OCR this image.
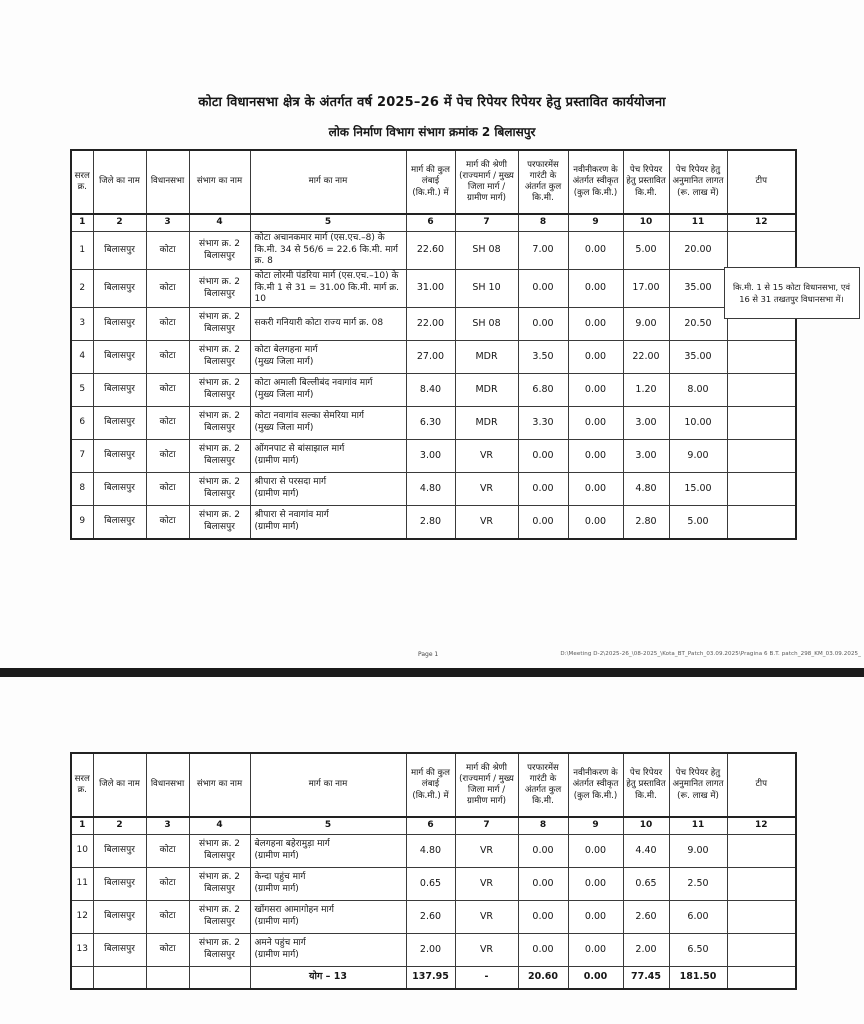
कोटा विधानसभा क्षेत्र के अंतर्गत वर्ष 2025–26 में पेच रिपेयर रिपेयर हेतु प्रस्तावित कार्ययोजना
लोक निर्माण विभाग संभाग क्रमांक 2 बिलासपुर
सरल क्र.	जिले का नाम	विधानसभा	संभाग का नाम	मार्ग का नाम	मार्ग की कुल लंबाई (कि.मी.) में	मार्ग की श्रेणी (राज्यमार्ग / मुख्य जिला मार्ग / ग्रामीण मार्ग)	परफारमेंस गारंटी के अंतर्गत कुल कि.मी.	नवीनीकरण के अंतर्गत स्वीकृत (कुल कि.मी.)	पेच रिपेयर हेतु प्रस्तावित कि.मी.	पेच रिपेयर हेतु अनुमानित लागत (रू. लाख में)	टीप
1	2	3	4	5	6	7	8	9	10	11	12
1	बिलासपुर	कोटा	संभाग क्र. 2 बिलासपुर	कोटा अचानकमार मार्ग (एस.एच.–8) के कि.मी. 34 से 56/6 = 22.6 कि.मी. मार्ग क्र. 8	22.60	SH 08	7.00	0.00	5.00	20.00	
2	बिलासपुर	कोटा	संभाग क्र. 2 बिलासपुर	कोटा लोरमी पंडरिया मार्ग (एस.एच.–10) के कि.मी 1 से 31 = 31.00 कि.मी. मार्ग क्र. 10	31.00	SH 10	0.00	0.00	17.00	35.00	कि.मी. 1 से 15 कोटा विधानसभा, एवं 16 से 31 तखतपुर विधानसभा में।

3	बिलासपुर	कोटा	संभाग क्र. 2 बिलासपुर	सकरी गनियारी कोटा राज्य मार्ग क्र. 08	22.00	SH 08	0.00	0.00	9.00	20.50	
4	बिलासपुर	कोटा	संभाग क्र. 2 बिलासपुर	कोटा बेलगहना मार्ग
(मुख्य जिला मार्ग)	27.00	MDR	3.50	0.00	22.00	35.00	
5	बिलासपुर	कोटा	संभाग क्र. 2 बिलासपुर	कोटा अमाली बिल्लीबंद नवागांव मार्ग
(मुख्य जिला मार्ग)	8.40	MDR	6.80	0.00	1.20	8.00	
6	बिलासपुर	कोटा	संभाग क्र. 2 बिलासपुर	कोटा नवागांव सल्का सेमरिया मार्ग
(मुख्य जिला मार्ग)	6.30	MDR	3.30	0.00	3.00	10.00	
7	बिलासपुर	कोटा	संभाग क्र. 2 बिलासपुर	ओंगनपाट से बांसाझाल मार्ग
(ग्रामीण मार्ग)	3.00	VR	0.00	0.00	3.00	9.00	
8	बिलासपुर	कोटा	संभाग क्र. 2 बिलासपुर	श्रीपारा से परसदा मार्ग
(ग्रामीण मार्ग)	4.80	VR	0.00	0.00	4.80	15.00	
9	बिलासपुर	कोटा	संभाग क्र. 2 बिलासपुर	श्रीपारा से नवागांव मार्ग
(ग्रामीण मार्ग)	2.80	VR	0.00	0.00	2.80	5.00	
Page 1	D:\Meeting D-2\2025-26_\08-2025_\Kota_BT_Patch_03.09.2025\Pragina 6 B.T. patch_298_KM_03.09.2025_
सरल क्र.	जिले का नाम	विधानसभा	संभाग का नाम	मार्ग का नाम	मार्ग की कुल लंबाई (कि.मी.) में	मार्ग की श्रेणी (राज्यमार्ग / मुख्य जिला मार्ग / ग्रामीण मार्ग)	परफारमेंस गारंटी के अंतर्गत कुल कि.मी.	नवीनीकरण के अंतर्गत स्वीकृत (कुल कि.मी.)	पेच रिपेयर हेतु प्रस्तावित कि.मी.	पेच रिपेयर हेतु अनुमानित लागत (रू. लाख में)	टीप
1	2	3	4	5	6	7	8	9	10	11	12
10	बिलासपुर	कोटा	संभाग क्र. 2 बिलासपुर	बेलगहना बहेरामुड़ा मार्ग
(ग्रामीण मार्ग)	4.80	VR	0.00	0.00	4.40	9.00	
11	बिलासपुर	कोटा	संभाग क्र. 2 बिलासपुर	केन्दा पहुंच मार्ग
(ग्रामीण मार्ग)	0.65	VR	0.00	0.00	0.65	2.50	
12	बिलासपुर	कोटा	संभाग क्र. 2 बिलासपुर	खोंगसरा आमागोहन मार्ग
(ग्रामीण मार्ग)	2.60	VR	0.00	0.00	2.60	6.00	
13	बिलासपुर	कोटा	संभाग क्र. 2 बिलासपुर	अमने पहुंच मार्ग
(ग्रामीण मार्ग)	2.00	VR	0.00	0.00	2.00	6.50	
				योग – 13	137.95	-	20.60	0.00	77.45	181.50	
